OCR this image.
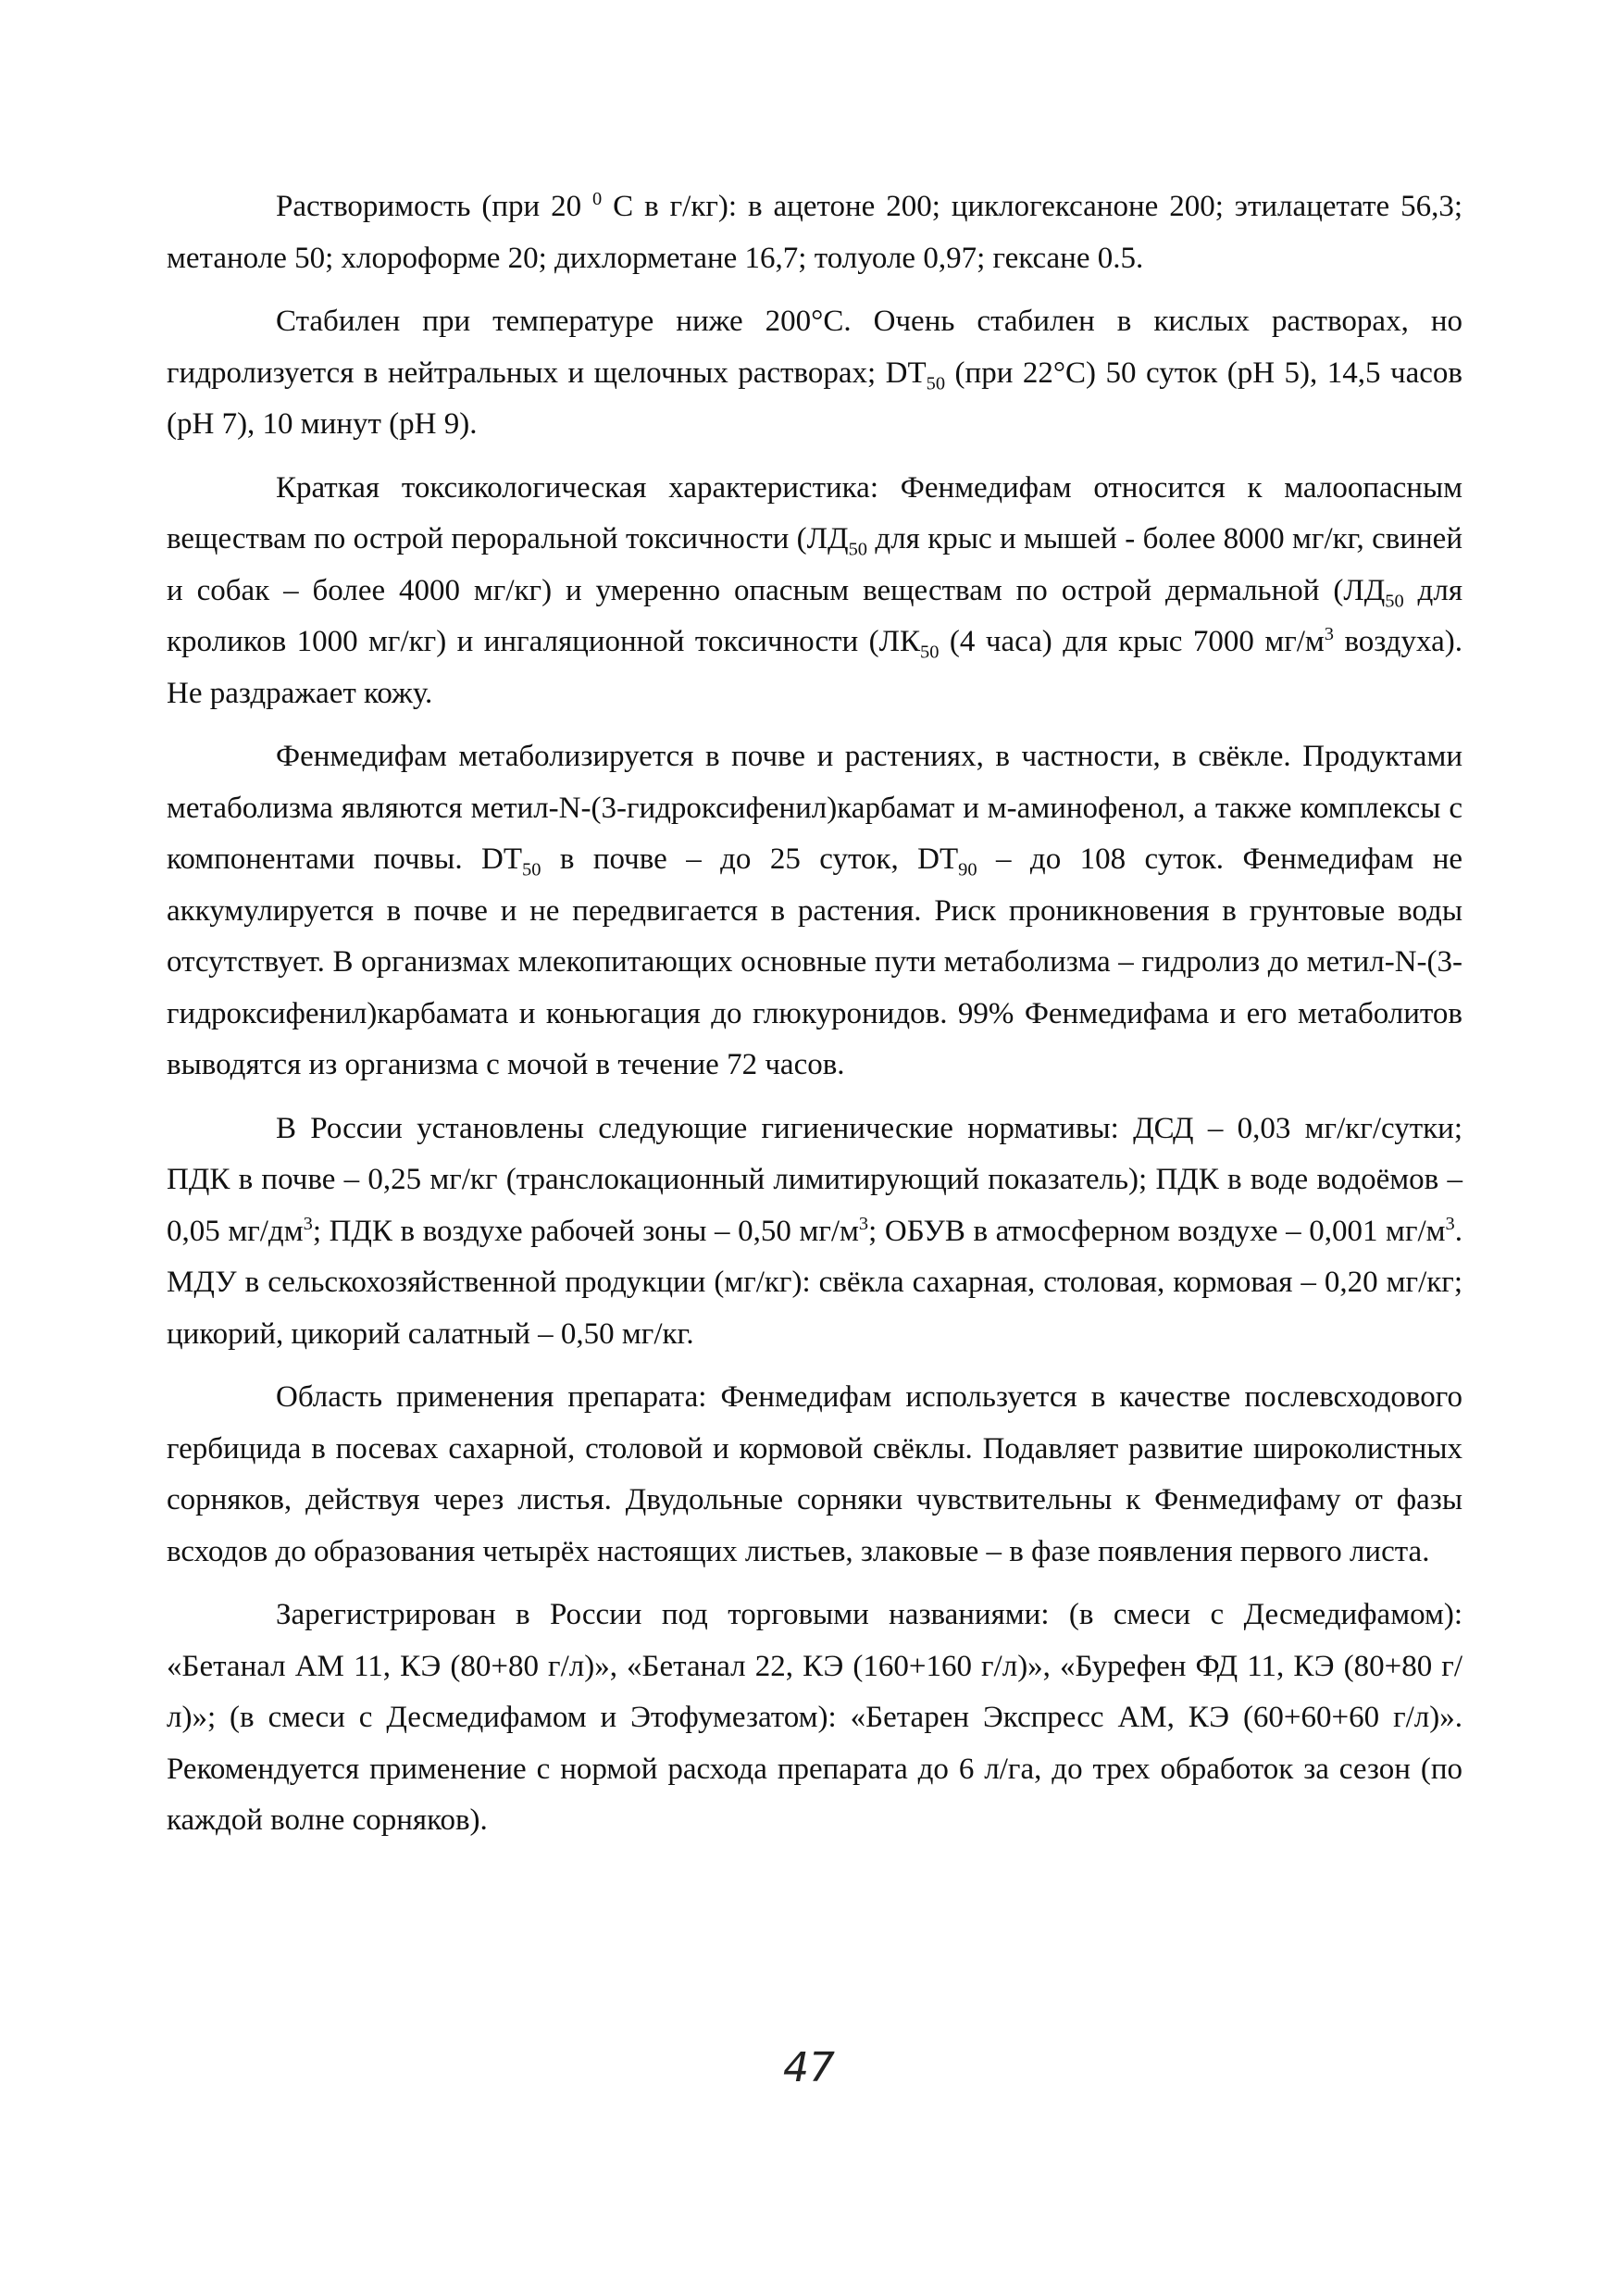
Растворимость (при 20 $^0$ С в г/кг): в ацетоне 200; циклогексаноне 200; этилацетате 56,3; метаноле 50; хлороформе 20; дихлорметане 16,7; толуоле 0,97; гексане 0.5.

Стабилен при температуре ниже 200°С. Очень стабилен в кислых растворах, но гидролизуется в нейтральных и щелочных растворах; $DT_{50}$ (при 22°С) 50 суток (рН 5), 14,5 часов (рН 7), 10 минут (рН 9).

Краткая токсикологическая характеристика: Фенмедифам относится к малоопасным веществам по острой пероральной токсичности ($ЛД_{50}$ для крыс и мышей - более 8000 мг/кг, свиней и собак – более 4000 мг/кг) и умеренно опасным веществам по острой дермальной ($ЛД_{50}$ для кроликов 1000 мг/кг) и ингаляционной токсичности ($ЛК_{50}$ (4 часа) для крыс 7000 $мг/м^3$ воздуха). Не раздражает кожу.

Фенмедифам метаболизируется в почве и растениях, в частности, в свёкле. Продуктами метаболизма являются метил-N-(3-гидроксифенил)карбамат и м-аминофенол, а также комплексы с компонентами почвы. $DT_{50}$ в почве – до 25 суток, $DT_{90}$ – до 108 суток. Фенмедифам не аккумулируется в почве и не передвигается в растения. Риск проникновения в грунтовые воды отсутствует. В организмах млекопитающих основные пути метаболизма – гидролиз до метил-N-(3-гидроксифенил)карбамата и коньюгация до глюкуронидов. 99% Фенмедифама и его метаболитов выводятся из организма с мочой в течение 72 часов.

В России установлены следующие гигиенические нормативы: ДСД – 0,03 мг/кг/сутки; ПДК в почве – 0,25 мг/кг (транслокационный лимитирующий показатель); ПДК в воде водоёмов – 0,05 $мг/дм^3$; ПДК в воздухе рабочей зоны – 0,50 $мг/м^3$; ОБУВ в атмосферном воздухе – 0,001 $мг/м^3$. МДУ в сельскохозяйственной продукции (мг/кг): свёкла сахарная, столовая, кормовая – 0,20 мг/кг; цикорий, цикорий салатный – 0,50 мг/кг.

Область применения препарата: Фенмедифам используется в качестве послевсходового гербицида в посевах сахарной, столовой и кормовой свёклы. Подавляет развитие широколистных сорняков, действуя через листья. Двудольные сорняки чувствительны к Фенмедифаму от фазы всходов до образования четырёх настоящих листьев, злаковые – в фазе появления первого листа.

Зарегистрирован в России под торговыми названиями: (в смеси с Десмедифамом): «Бетанал АМ 11, КЭ (80+80 г/л)», «Бетанал 22, КЭ (160+160 г/л)», «Бурефен ФД 11, КЭ (80+80 г/л)»; (в смеси с Десмедифамом и Этофумезатом): «Бетарен Экспресс АМ, КЭ (60+60+60 г/л)». Рекомендуется применение с нормой расхода препарата до 6 л/га, до трех обработок за сезон (по каждой волне сорняков).

47
